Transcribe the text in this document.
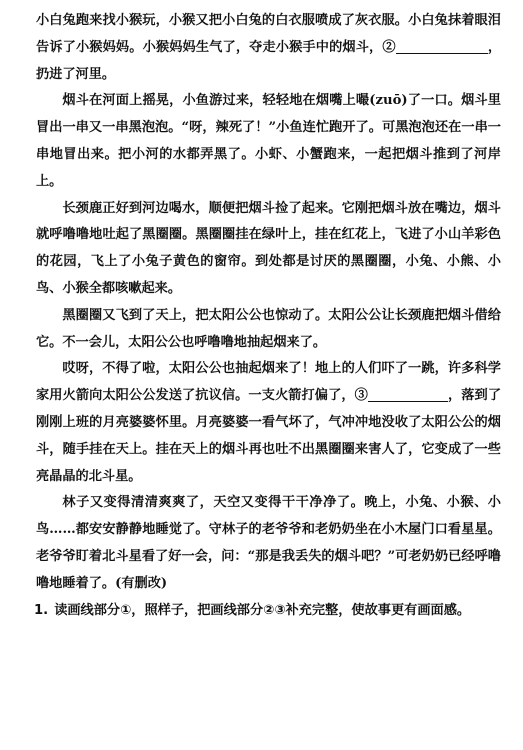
小白兔跑来找小猴玩，小猴又把小白兔的白衣服喷成了灰衣服。小白兔抹着眼泪告诉了小猴妈妈。小猴妈妈生气了，夺走小猴手中的烟斗，②	，扔进了河里。

烟斗在河面上摇晃，小鱼游过来，轻轻地在烟嘴上嘬(zuō)了一口。烟斗里冒出一串又一串黑泡泡。“呀，辣死了！”小鱼连忙跑开了。可黑泡泡还在一串一串地冒出来。把小河的水都弄黑了。小虾、小蟹跑来，一起把烟斗推到了河岸上。

长颈鹿正好到河边喝水，顺便把烟斗捡了起来。它刚把烟斗放在嘴边，烟斗就呼噜噜地吐起了黑圈圈。黑圈圈挂在绿叶上，挂在红花上，飞进了小山羊彩色的花园，飞上了小兔子黄色的窗帘。到处都是讨厌的黑圈圈，小兔、小熊、小鸟、小猴全都咳嗽起来。

黑圈圈又飞到了天上，把太阳公公也惊动了。太阳公公让长颈鹿把烟斗借给它。不一会儿，太阳公公也呼噜噜地抽起烟来了。

哎呀，不得了啦，太阳公公也抽起烟来了！地上的人们吓了一跳，许多科学家用火箭向太阳公公发送了抗议信。一支火箭打偏了，③	，落到了刚刚上班的月亮婆婆怀里。月亮婆婆一看气坏了，气冲冲地没收了太阳公公的烟斗，随手挂在天上。挂在天上的烟斗再也吐不出黑圈圈来害人了，它变成了一些亮晶晶的北斗星。

林子又变得清清爽爽了，天空又变得干干净净了。晚上，小兔、小猴、小鸟……都安安静静地睡觉了。守林子的老爷爷和老奶奶坐在小木屋门口看星星。老爷爷盯着北斗星看了好一会，问：“那是我丢失的烟斗吧？”可老奶奶已经呼噜噜地睡着了。(有删改)

1. 读画线部分①，照样子，把画线部分②③补充完整，使故事更有画面感。
